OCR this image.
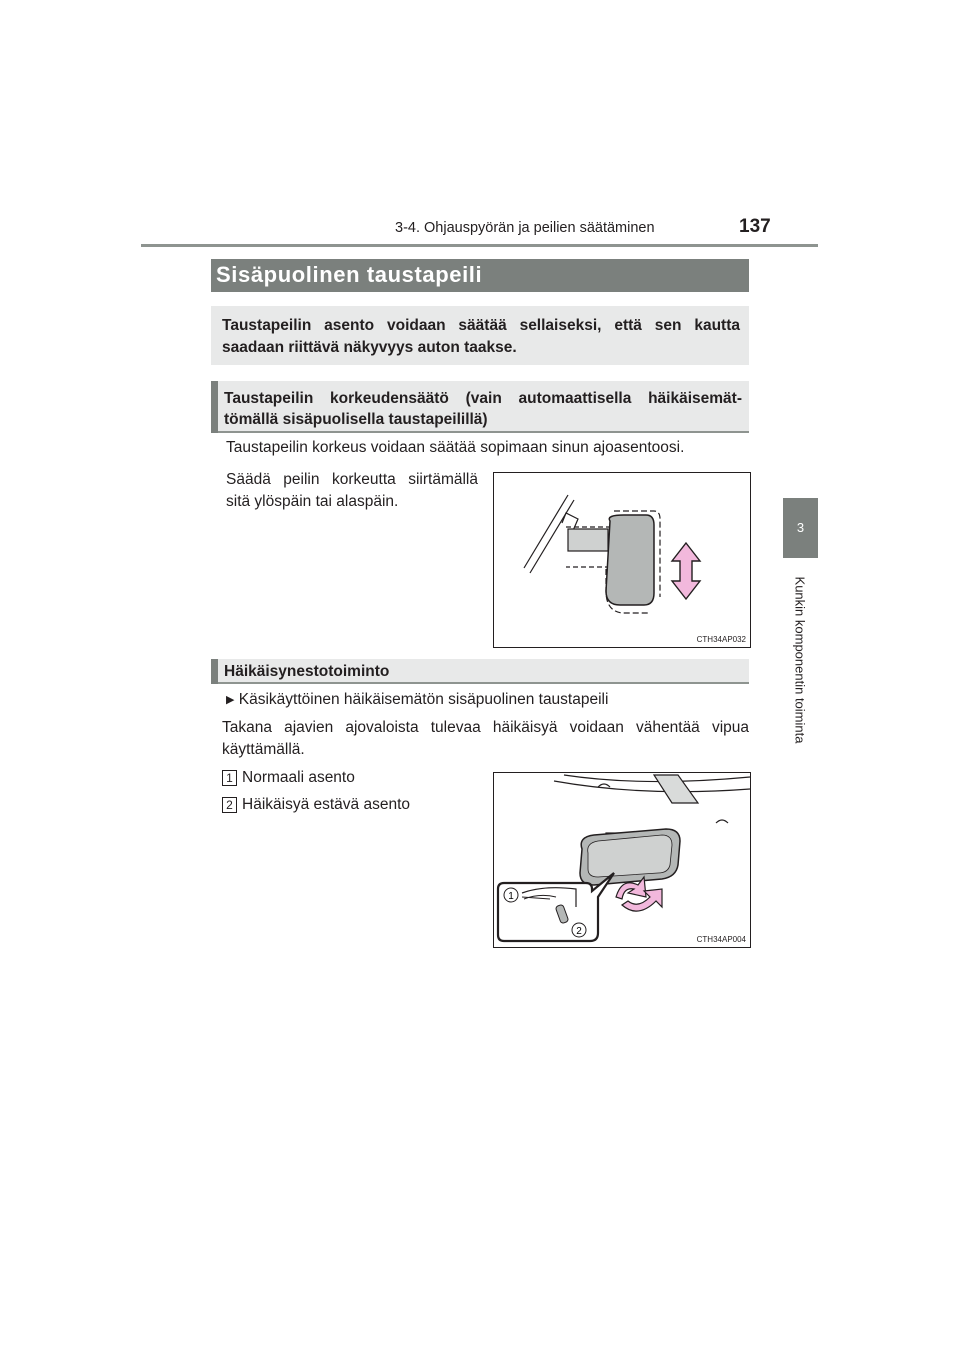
3-4. Ohjauspyörän ja peilien säätäminen	137
3
Kunkin komponentin toiminta
Sisäpuolinen taustapeili
Taustapeilin asento voidaan säätää sellaiseksi, että sen kautta saadaan riittävä näkyvyys auton taakse.
Taustapeilin korkeudensäätö (vain automaattisella häikäisemät-tömällä sisäpuolisella taustapeilillä)
Taustapeilin korkeus voidaan säätää sopimaan sinun ajoasentoosi.
Säädä peilin korkeutta siirtämällä sitä ylöspäin tai alaspäin.
CTH34AP032
Häikäisynestotoiminto
▶ Käsikäyttöinen häikäisemätön sisäpuolinen taustapeili
Takana ajavien ajovaloista tulevaa häikäisyä voidaan vähentää vipua käyttämällä.
1 Normaali asento
2 Häikäisyä estävä asento
1
2
CTH34AP004
